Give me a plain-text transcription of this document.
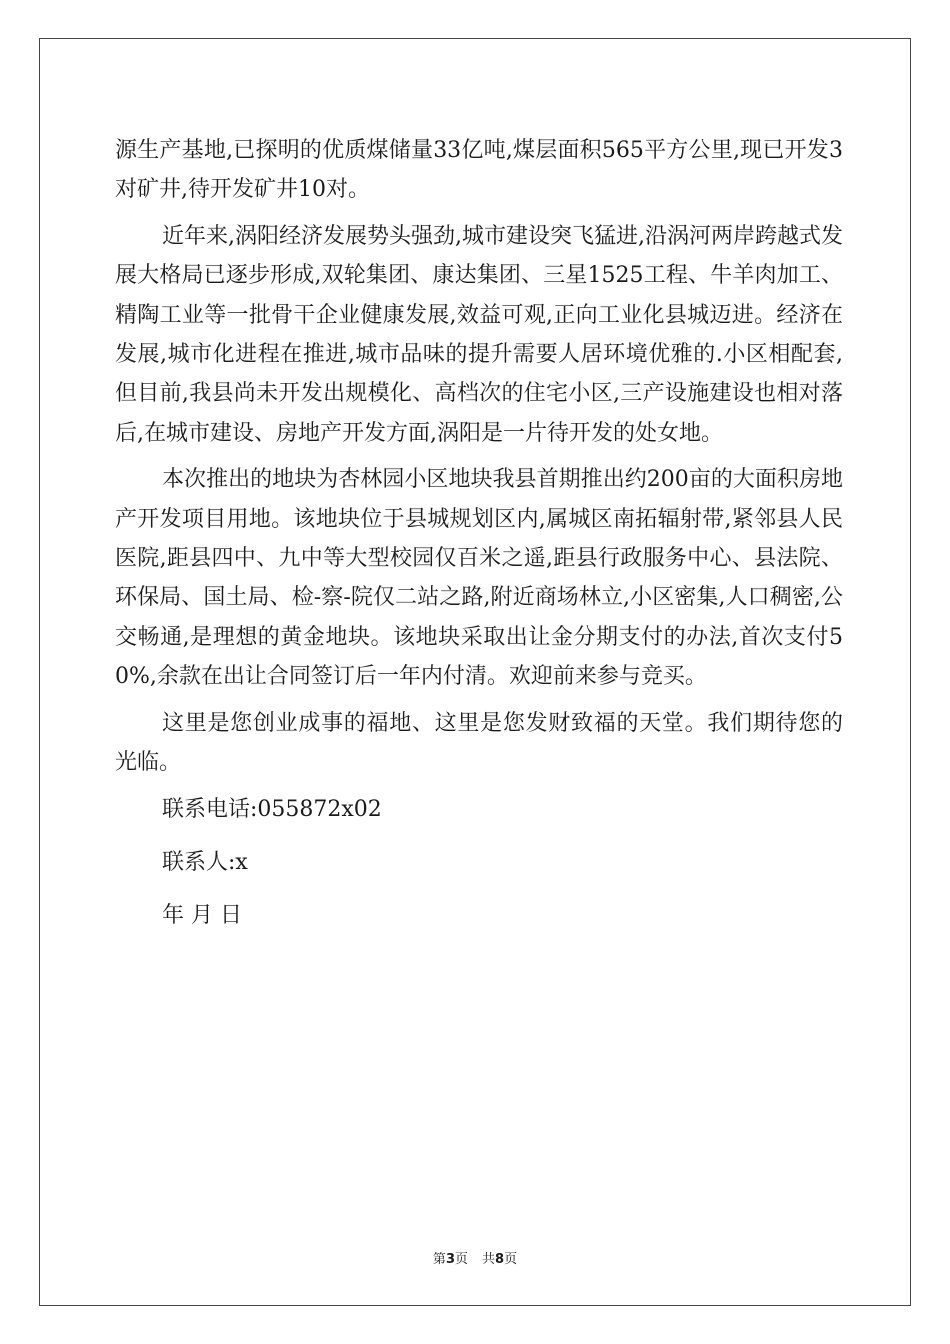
源生产基地,已探明的优质煤储量33亿吨,煤层面积565平方公里,现已开发3对矿井,待开发矿井10对。

近年来,涡阳经济发展势头强劲,城市建设突飞猛进,沿涡河两岸跨越式发展大格局已逐步形成,双轮集团、康达集团、三星1525工程、牛羊肉加工、精陶工业等一批骨干企业健康发展,效益可观,正向工业化县城迈进。经济在发展,城市化进程在推进,城市品味的提升需要人居环境优雅的.小区相配套,但目前,我县尚未开发出规模化、高档次的住宅小区,三产设施建设也相对落后,在城市建设、房地产开发方面,涡阳是一片待开发的处女地。

本次推出的地块为杏林园小区地块我县首期推出约200亩的大面积房地产开发项目用地。该地块位于县城规划区内,属城区南拓辐射带,紧邻县人民医院,距县四中、九中等大型校园仅百米之遥,距县行政服务中心、县法院、环保局、国土局、检-察-院仅二站之路,附近商场林立,小区密集,人口稠密,公交畅通,是理想的黄金地块。该地块采取出让金分期支付的办法,首次支付50%,余款在出让合同签订后一年内付清。欢迎前来参与竞买。

这里是您创业成事的福地、这里是您发财致福的天堂。我们期待您的光临。

联系电话:055872x02

联系人:x

年 月 日

第3页 共8页
